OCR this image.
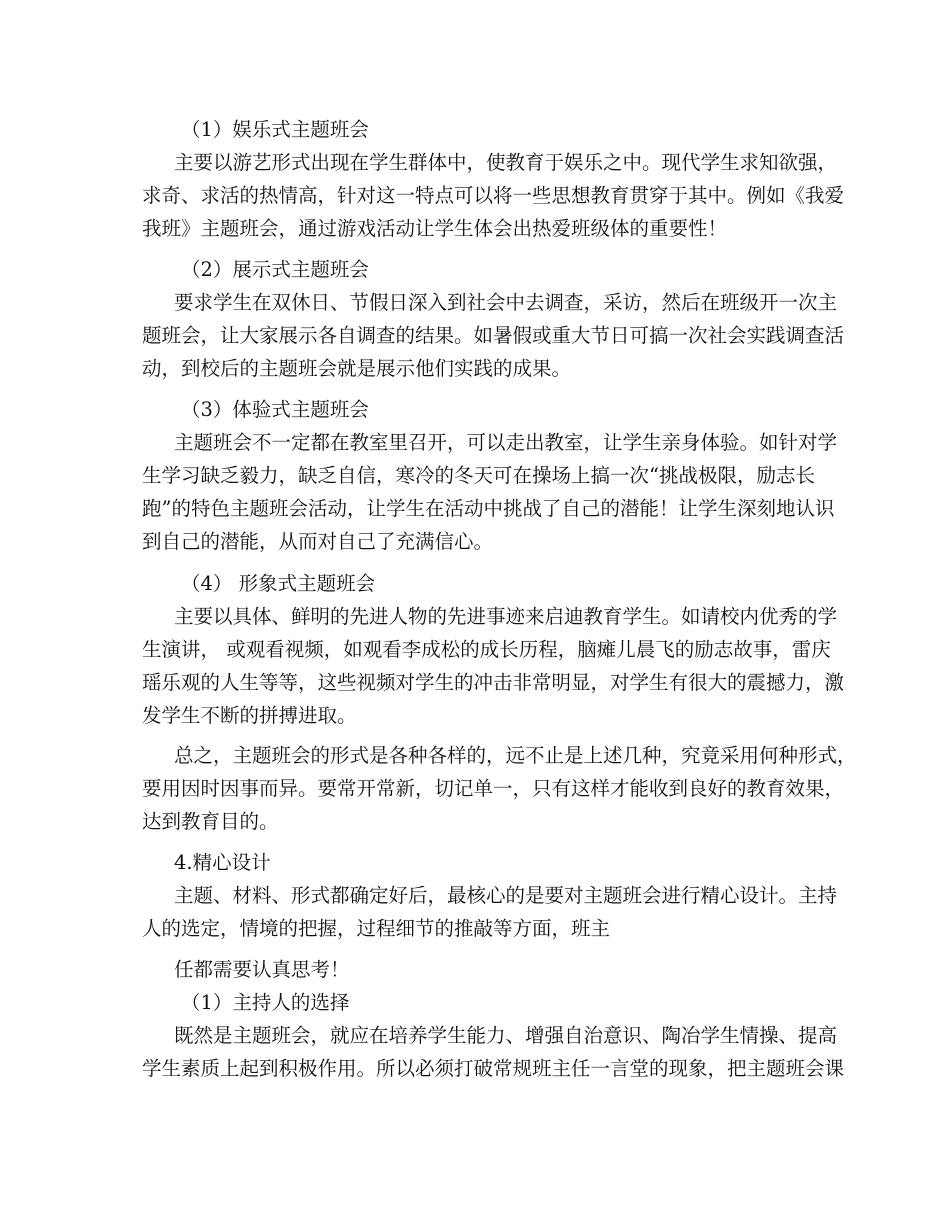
（1）娱乐式主题班会
主要以游艺形式出现在学生群体中，使教育于娱乐之中。现代学生求知欲强，
求奇、求活的热情高，针对这一特点可以将一些思想教育贯穿于其中。例如《我爱
我班》主题班会，通过游戏活动让学生体会出热爱班级体的重要性！
（2）展示式主题班会
要求学生在双休日、节假日深入到社会中去调查，采访，然后在班级开一次主
题班会，让大家展示各自调查的结果。如暑假或重大节日可搞一次社会实践调查活
动，到校后的主题班会就是展示他们实践的成果。
（3）体验式主题班会
主题班会不一定都在教室里召开，可以走出教室，让学生亲身体验。如针对学
生学习缺乏毅力，缺乏自信，寒冷的冬天可在操场上搞一次“挑战极限，励志长
跑”的特色主题班会活动，让学生在活动中挑战了自己的潜能！让学生深刻地认识
到自己的潜能，从而对自己了充满信心。
（4） 形象式主题班会
主要以具体、鲜明的先进人物的先进事迹来启迪教育学生。如请校内优秀的学
生演讲， 或观看视频，如观看李成松的成长历程，脑瘫儿晨飞的励志故事，雷庆
瑶乐观的人生等等，这些视频对学生的冲击非常明显，对学生有很大的震撼力，激
发学生不断的拼搏进取。
总之，主题班会的形式是各种各样的，远不止是上述几种，究竟采用何种形式，
要用因时因事而异。要常开常新，切记单一，只有这样才能收到良好的教育效果，
达到教育目的。
4.精心设计
主题、材料、形式都确定好后，最核心的是要对主题班会进行精心设计。主持
人的选定，情境的把握，过程细节的推敲等方面，班主
任都需要认真思考！
（1）主持人的选择
既然是主题班会，就应在培养学生能力、增强自治意识、陶冶学生情操、提高
学生素质上起到积极作用。所以必须打破常规班主任一言堂的现象，把主题班会课
